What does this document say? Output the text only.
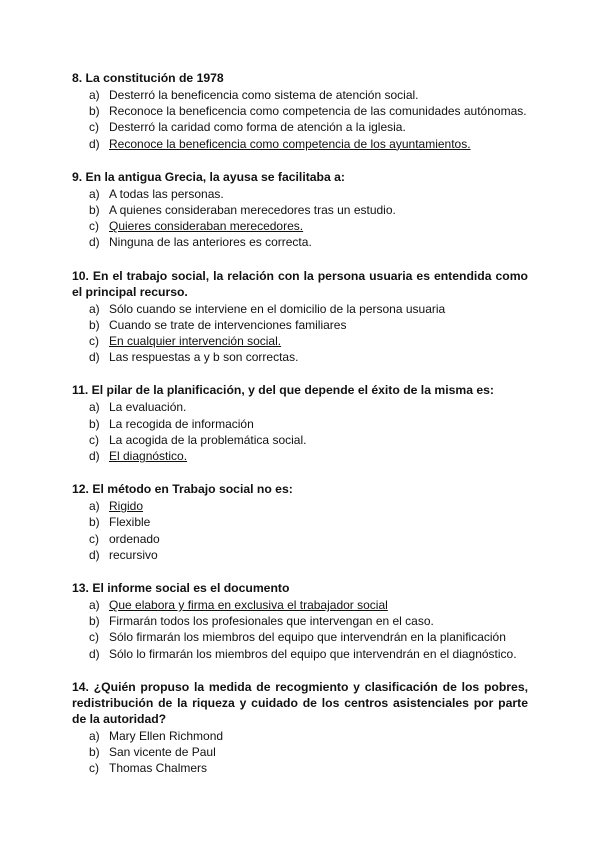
8. La constitución de 1978
a) Desterró la beneficencia como sistema de atención social.
b) Reconoce la beneficencia como competencia de las comunidades autónomas.
c) Desterró la caridad como forma de atención a la iglesia.
d) Reconoce la beneficencia como competencia de los ayuntamientos.
9. En la antigua Grecia, la ayusa se facilitaba a:
a) A todas las personas.
b) A quienes consideraban merecedores tras un estudio.
c) Quieres consideraban merecedores.
d) Ninguna de las anteriores es correcta.
10. En el trabajo social, la relación con la persona usuaria es entendida como el principal recurso.
a) Sólo cuando se interviene en el domicilio de la persona usuaria
b) Cuando se trate de intervenciones familiares
c) En cualquier intervención social.
d) Las respuestas a y b son correctas.
11. El pilar de la planificación, y del que depende el éxito de la misma es:
a) La evaluación.
b) La recogida de información
c) La acogida de la problemática social.
d) El diagnóstico.
12. El método en Trabajo social no es:
a) Rigido
b) Flexible
c) ordenado
d) recursivo
13. El informe social es el documento
a) Que elabora y firma en exclusiva el trabajador social
b) Firmarán todos los profesionales que intervengan en el caso.
c) Sólo firmarán los miembros del equipo que intervendrán en la planificación
d) Sólo lo firmarán los miembros del equipo que intervendrán en el diagnóstico.
14. ¿Quién propuso la medida de recogmiento y clasificación de los pobres, redistribución de la riqueza y cuidado de los centros asistenciales por parte de la autoridad?
a) Mary Ellen Richmond
b) San vicente de Paul
c) Thomas Chalmers
